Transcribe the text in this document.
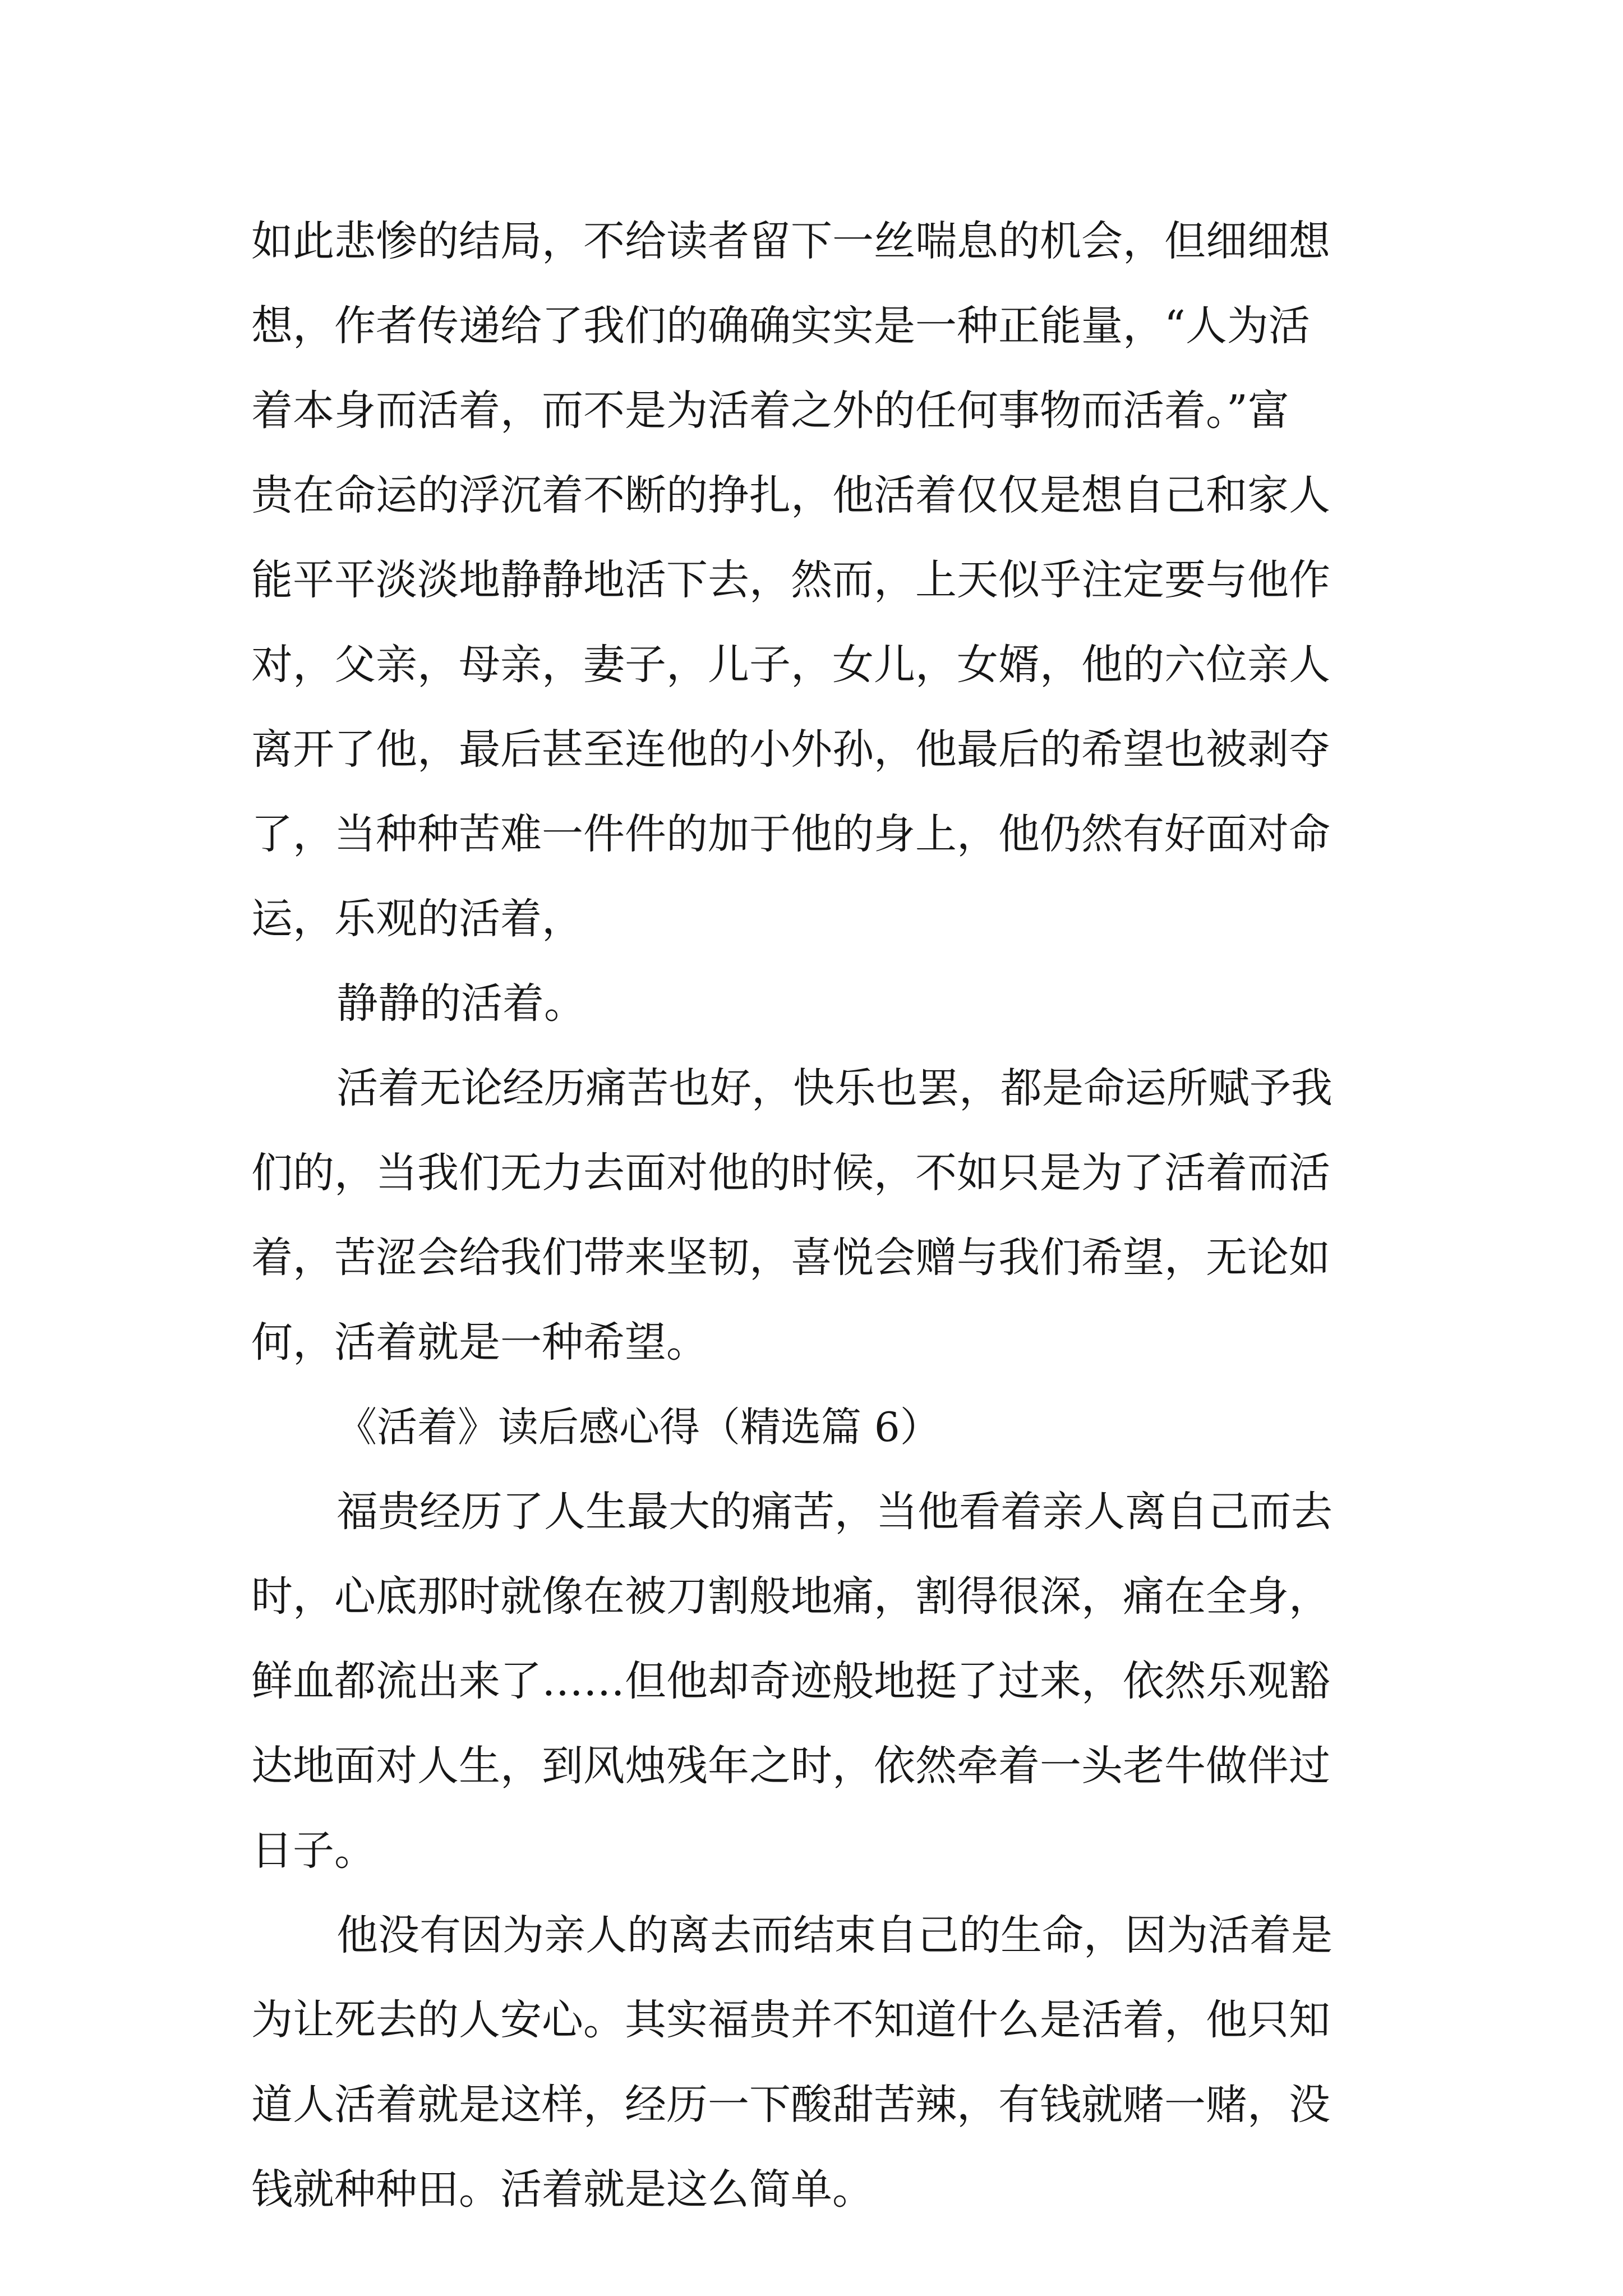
如此悲惨的结局，不给读者留下一丝喘息的机会，但细细想
想，作者传递给了我们的确确实实是一种正能量，“人为活
着本身而活着，而不是为活着之外的任何事物而活着。”富
贵在命运的浮沉着不断的挣扎，他活着仅仅是想自己和家人
能平平淡淡地静静地活下去，然而，上天似乎注定要与他作
对，父亲，母亲，妻子，儿子，女儿，女婿，他的六位亲人
离开了他，最后甚至连他的小外孙，他最后的希望也被剥夺
了，当种种苦难一件件的加于他的身上，他仍然有好面对命
运，乐观的活着，
静静的活着。
活着无论经历痛苦也好，快乐也罢，都是命运所赋予我
们的，当我们无力去面对他的时候，不如只是为了活着而活
着，苦涩会给我们带来坚韧，喜悦会赠与我们希望，无论如
何，活着就是一种希望。
《活着》读后感心得（精选篇 6）
福贵经历了人生最大的痛苦，当他看着亲人离自己而去
时，心底那时就像在被刀割般地痛，割得很深，痛在全身，
鲜血都流出来了……但他却奇迹般地挺了过来，依然乐观豁
达地面对人生，到风烛残年之时，依然牵着一头老牛做伴过
日子。
他没有因为亲人的离去而结束自己的生命，因为活着是
为让死去的人安心。其实福贵并不知道什么是活着，他只知
道人活着就是这样，经历一下酸甜苦辣，有钱就赌一赌，没
钱就种种田。活着就是这么简单。
